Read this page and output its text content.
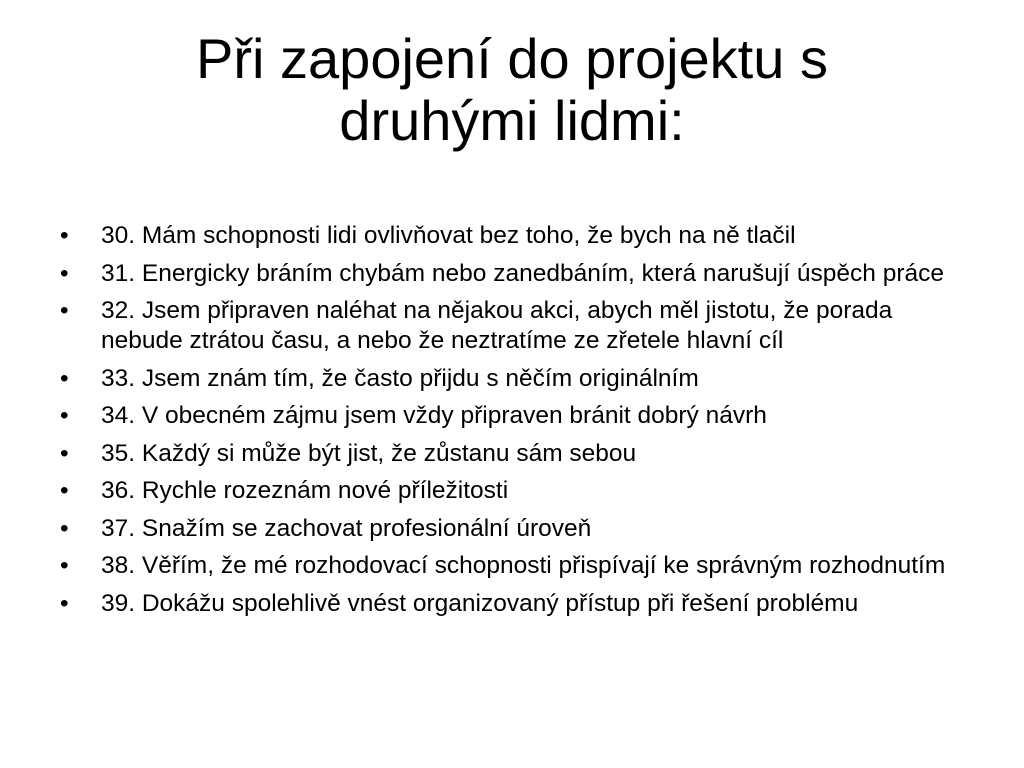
Při zapojení do projektu s druhými lidmi:
• 30. Mám schopnosti lidi ovlivňovat bez toho, že bych na ně tlačil
• 31. Energicky bráním chybám nebo zanedbáním, která narušují úspěch práce
• 32. Jsem připraven naléhat na nějakou akci, abych měl jistotu, že porada nebude ztrátou času, a nebo že neztratíme ze zřetele hlavní cíl
• 33. Jsem znám tím, že často přijdu s něčím originálním
• 34. V obecném zájmu jsem vždy připraven bránit dobrý návrh
• 35. Každý si může být jist, že zůstanu sám sebou
• 36. Rychle rozeznám nové příležitosti
• 37. Snažím se zachovat profesionální úroveň
• 38. Věřím, že mé rozhodovací schopnosti přispívají ke správným rozhodnutím
• 39. Dokážu spolehlivě vnést organizovaný přístup při řešení problému
